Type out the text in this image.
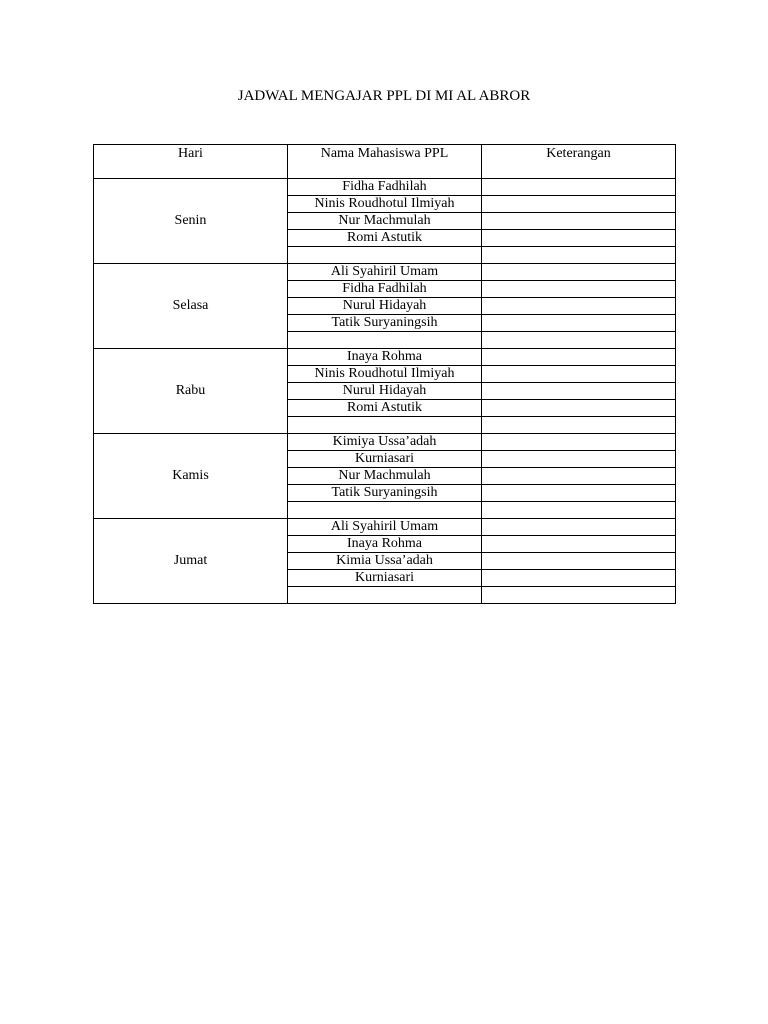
JADWAL MENGAJAR PPL DI MI AL ABROR
Hari	Nama Mahasiswa PPL	Keterangan
Senin	Fidha Fadhilah	
	Ninis Roudhotul Ilmiyah	
	Nur Machmulah	
	Romi Astutik	

Selasa	Ali Syahiril Umam	
	Fidha Fadhilah	
	Nurul Hidayah	
	Tatik Suryaningsih	

Rabu	Inaya Rohma	
	Ninis Roudhotul Ilmiyah	
	Nurul Hidayah	
	Romi Astutik	

Kamis	Kimiya Ussa’adah	
	Kurniasari	
	Nur Machmulah	
	Tatik Suryaningsih	

Jumat	Ali Syahiril Umam	
	Inaya Rohma	
	Kimia Ussa’adah	
	Kurniasari	
